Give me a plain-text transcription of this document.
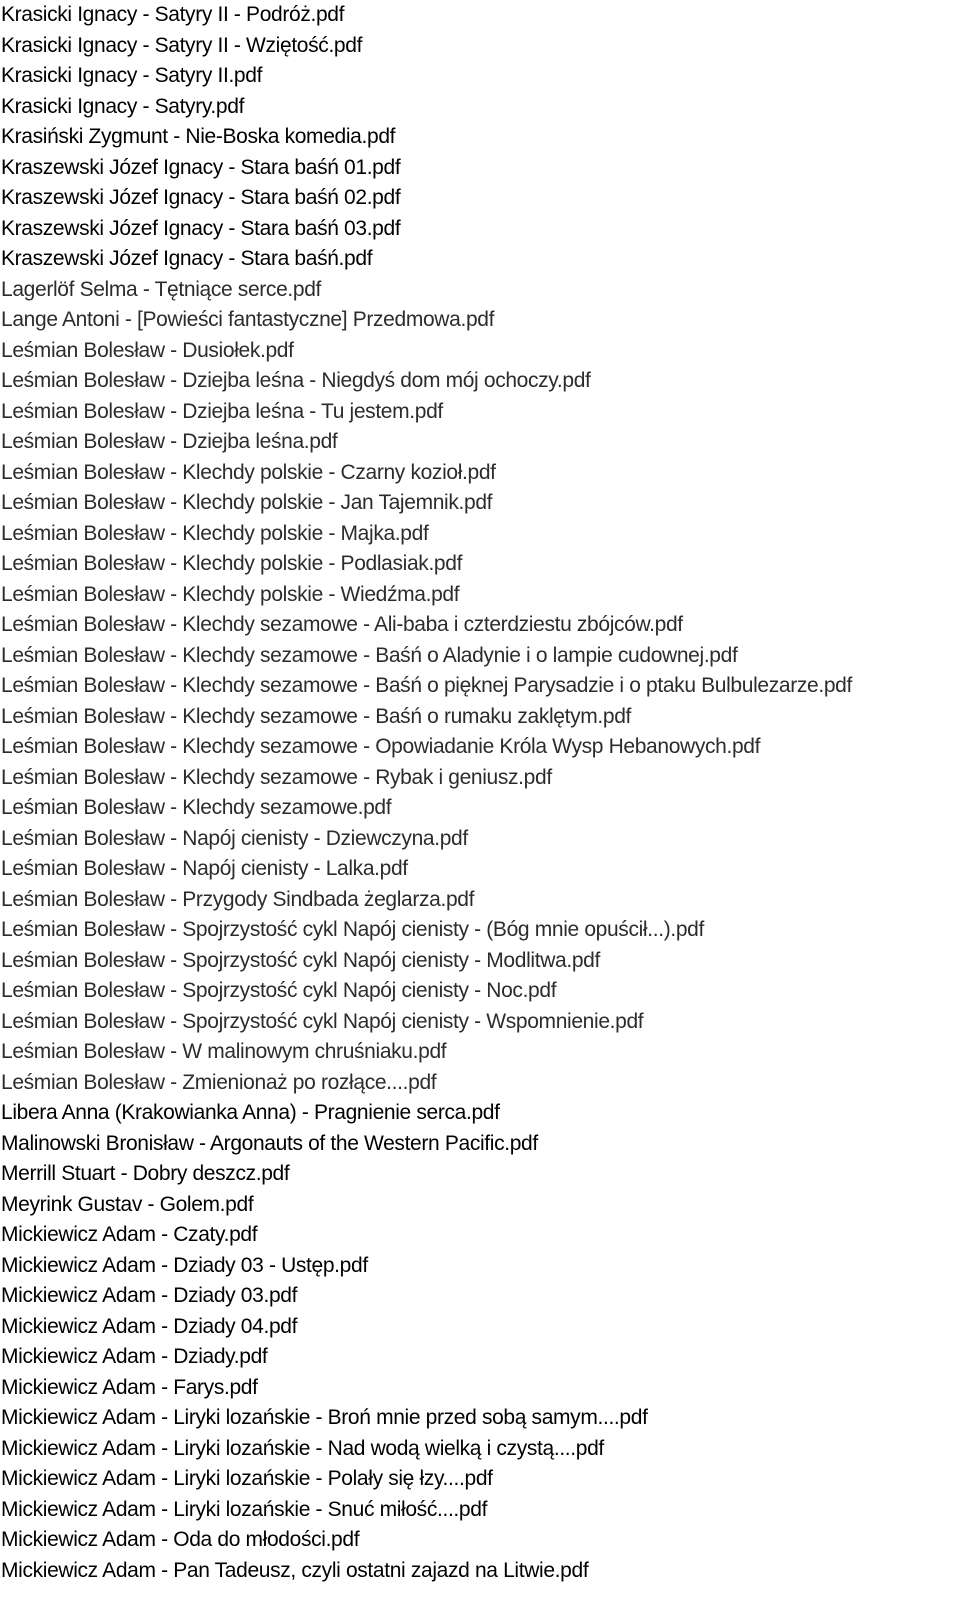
Krasicki Ignacy - Satyry II - Podróż.pdf
Krasicki Ignacy - Satyry II - Wziętość.pdf
Krasicki Ignacy - Satyry II.pdf
Krasicki Ignacy - Satyry.pdf
Krasiński Zygmunt - Nie-Boska komedia.pdf
Kraszewski Józef Ignacy - Stara baśń 01.pdf
Kraszewski Józef Ignacy - Stara baśń 02.pdf
Kraszewski Józef Ignacy - Stara baśń 03.pdf
Kraszewski Józef Ignacy - Stara baśń.pdf
Lagerlöf Selma - Tętniące serce.pdf
Lange Antoni - [Powieści fantastyczne] Przedmowa.pdf
Leśmian Bolesław - Dusiołek.pdf
Leśmian Bolesław - Dziejba leśna - Niegdyś dom mój ochoczy.pdf
Leśmian Bolesław - Dziejba leśna - Tu jestem.pdf
Leśmian Bolesław - Dziejba leśna.pdf
Leśmian Bolesław - Klechdy polskie - Czarny kozioł.pdf
Leśmian Bolesław - Klechdy polskie - Jan Tajemnik.pdf
Leśmian Bolesław - Klechdy polskie - Majka.pdf
Leśmian Bolesław - Klechdy polskie - Podlasiak.pdf
Leśmian Bolesław - Klechdy polskie - Wiedźma.pdf
Leśmian Bolesław - Klechdy sezamowe - Ali-baba i czterdziestu zbójców.pdf
Leśmian Bolesław - Klechdy sezamowe - Baśń o Aladynie i o lampie cudownej.pdf
Leśmian Bolesław - Klechdy sezamowe - Baśń o pięknej Parysadzie i o ptaku Bulbulezarze.pdf
Leśmian Bolesław - Klechdy sezamowe - Baśń o rumaku zaklętym.pdf
Leśmian Bolesław - Klechdy sezamowe - Opowiadanie Króla Wysp Hebanowych.pdf
Leśmian Bolesław - Klechdy sezamowe - Rybak i geniusz.pdf
Leśmian Bolesław - Klechdy sezamowe.pdf
Leśmian Bolesław - Napój cienisty - Dziewczyna.pdf
Leśmian Bolesław - Napój cienisty - Lalka.pdf
Leśmian Bolesław - Przygody Sindbada żeglarza.pdf
Leśmian Bolesław - Spojrzystość cykl Napój cienisty - (Bóg mnie opuścił...).pdf
Leśmian Bolesław - Spojrzystość cykl Napój cienisty - Modlitwa.pdf
Leśmian Bolesław - Spojrzystość cykl Napój cienisty - Noc.pdf
Leśmian Bolesław - Spojrzystość cykl Napój cienisty - Wspomnienie.pdf
Leśmian Bolesław - W malinowym chruśniaku.pdf
Leśmian Bolesław - Zmienionaż po rozłące....pdf
Libera Anna (Krakowianka Anna) - Pragnienie serca.pdf
Malinowski Bronisław - Argonauts of the Western Pacific.pdf
Merrill Stuart - Dobry deszcz.pdf
Meyrink Gustav - Golem.pdf
Mickiewicz Adam - Czaty.pdf
Mickiewicz Adam - Dziady 03 - Ustęp.pdf
Mickiewicz Adam - Dziady 03.pdf
Mickiewicz Adam - Dziady 04.pdf
Mickiewicz Adam - Dziady.pdf
Mickiewicz Adam - Farys.pdf
Mickiewicz Adam - Liryki lozańskie - Broń mnie przed sobą samym....pdf
Mickiewicz Adam - Liryki lozańskie - Nad wodą wielką i czystą....pdf
Mickiewicz Adam - Liryki lozańskie - Polały się łzy....pdf
Mickiewicz Adam - Liryki lozańskie - Snuć miłość....pdf
Mickiewicz Adam - Oda do młodości.pdf
Mickiewicz Adam - Pan Tadeusz, czyli ostatni zajazd na Litwie.pdf
